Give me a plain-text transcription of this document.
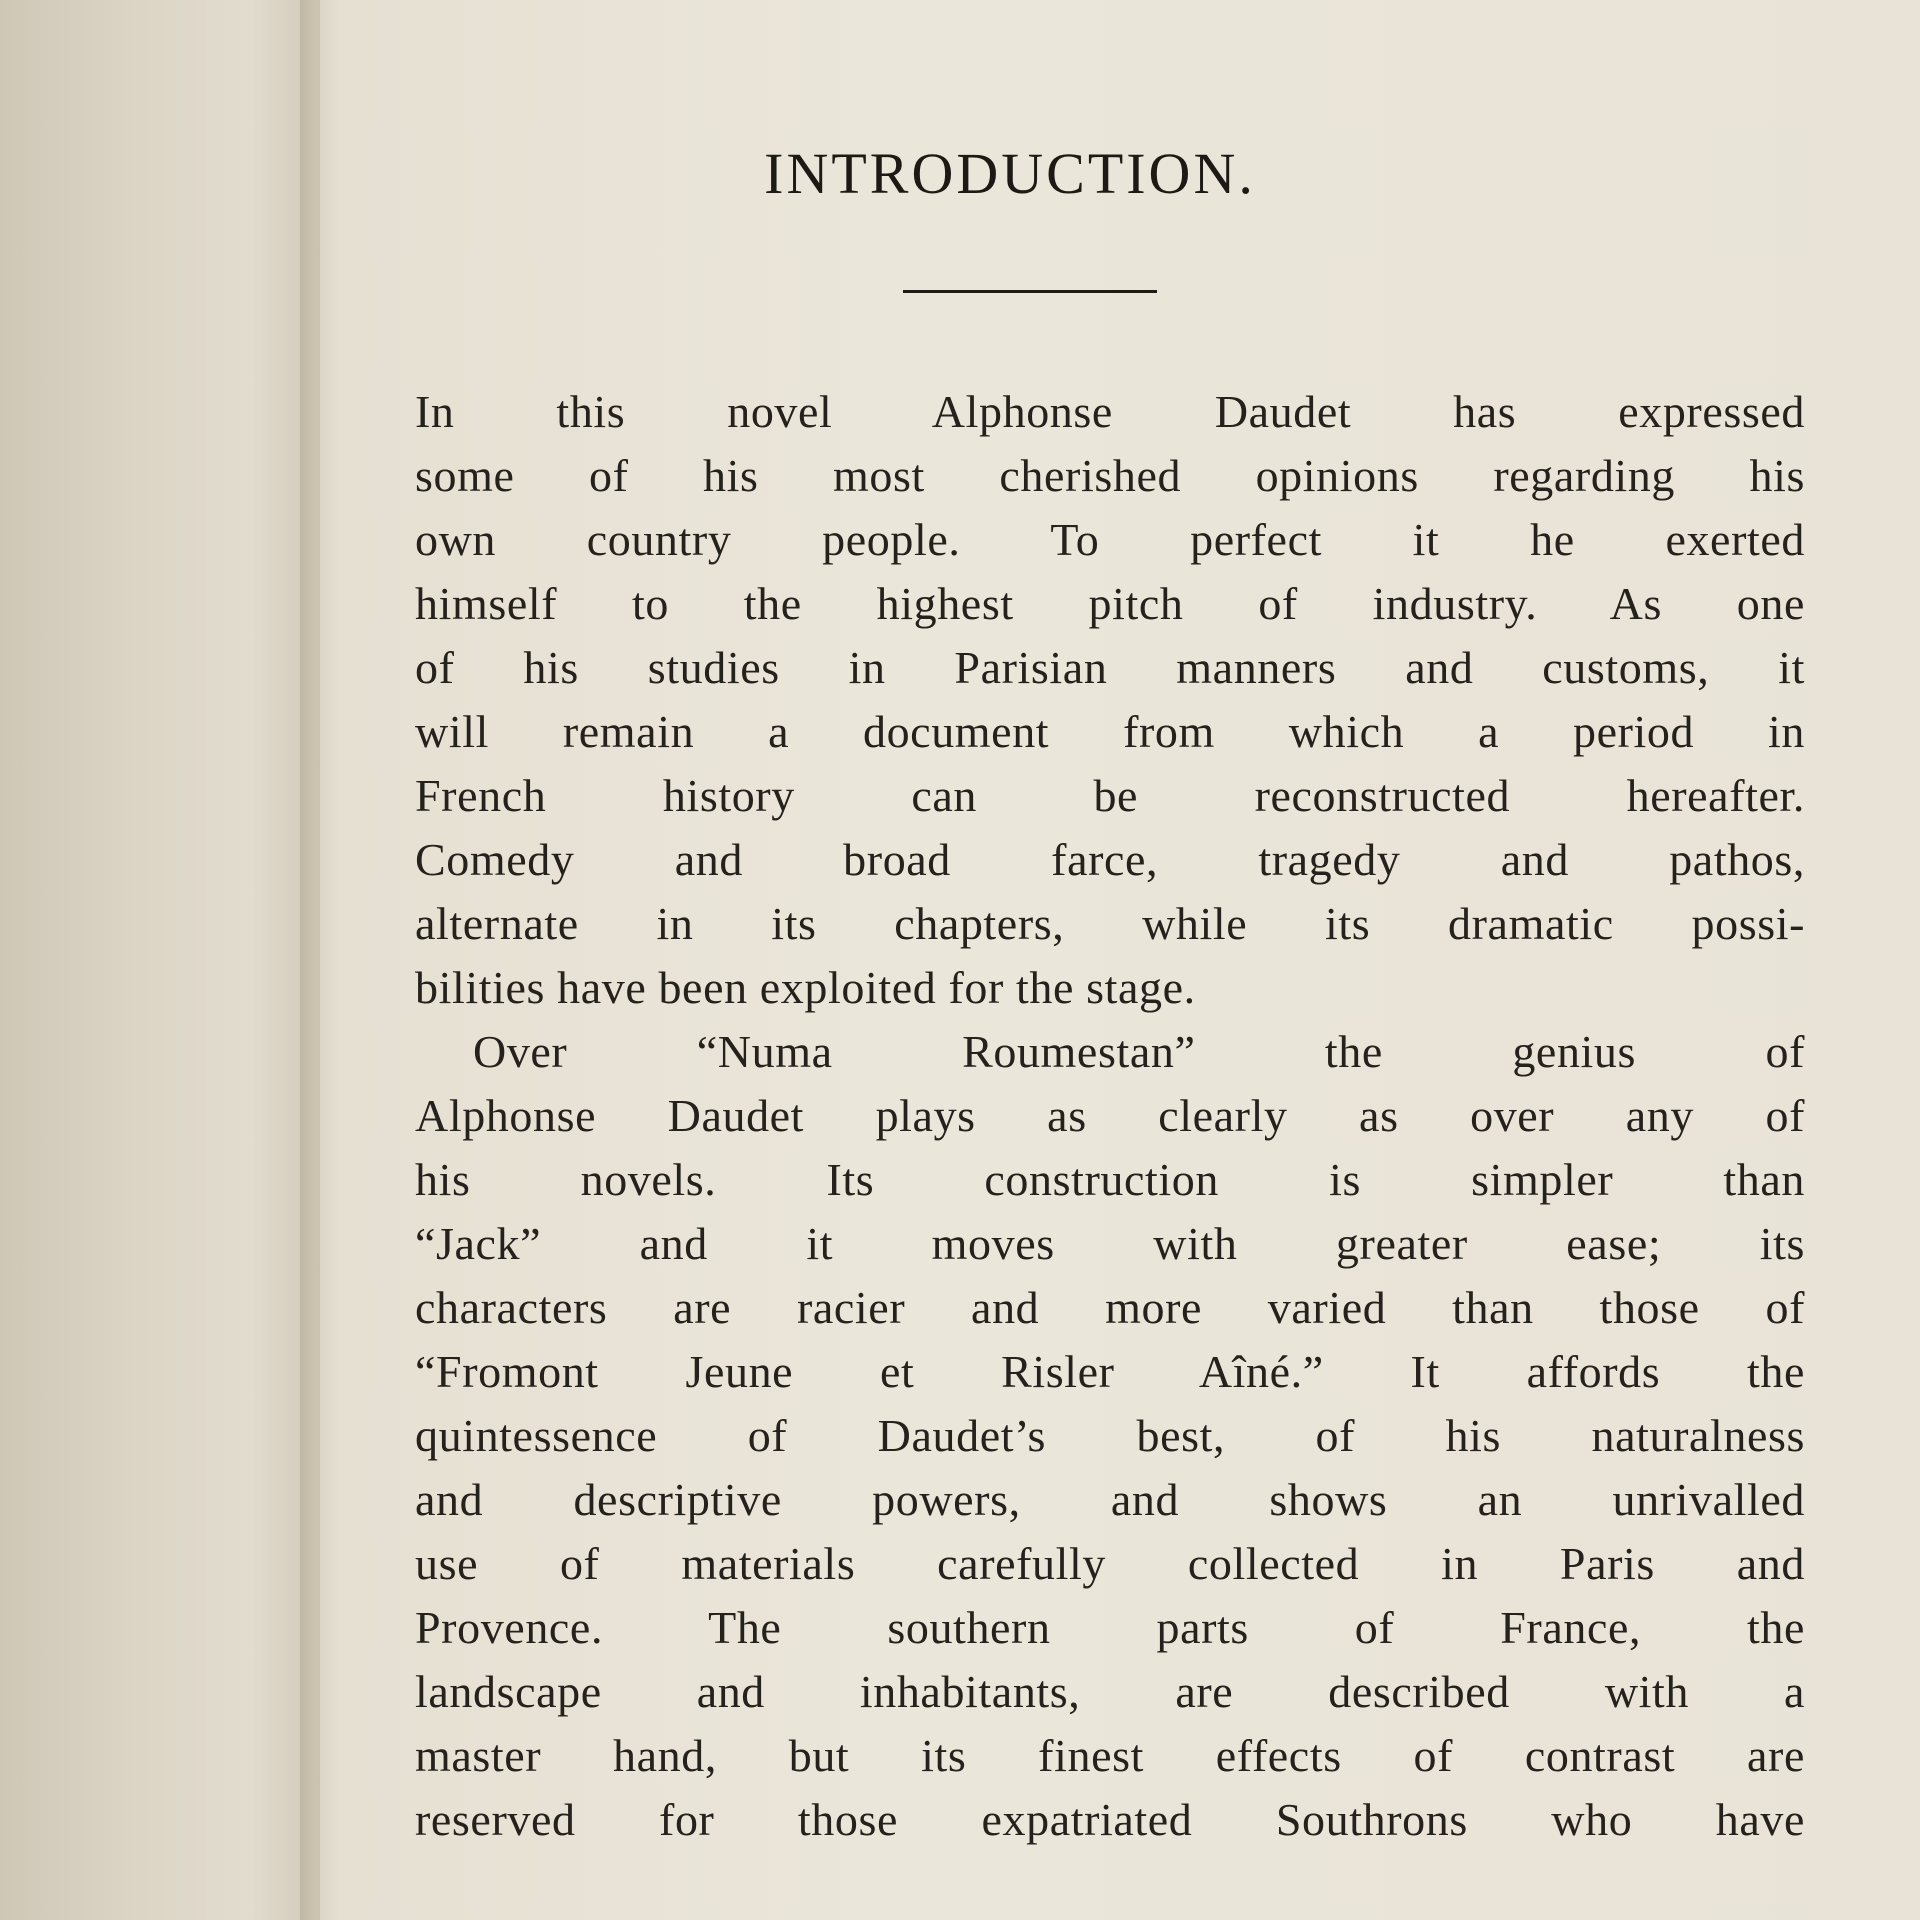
INTRODUCTION.

In this novel Alphonse Daudet has expressed
some of his most cherished opinions regarding his
own country people. To perfect it he exerted
himself to the highest pitch of industry. As one
of his studies in Parisian manners and customs, it
will remain a document from which a period in
French history can be reconstructed hereafter.
Comedy and broad farce, tragedy and pathos,
alternate in its chapters, while its dramatic possi-
bilities have been exploited for the stage.

Over “Numa Roumestan” the genius of
Alphonse Daudet plays as clearly as over any of
his novels. Its construction is simpler than
“Jack” and it moves with greater ease; its
characters are racier and more varied than those of
“Fromont Jeune et Risler Aîné.” It affords the
quintessence of Daudet’s best, of his naturalness
and descriptive powers, and shows an unrivalled
use of materials carefully collected in Paris and
Provence. The southern parts of France, the
landscape and inhabitants, are described with a
master hand, but its finest effects of contrast are
reserved for those expatriated Southrons who have
